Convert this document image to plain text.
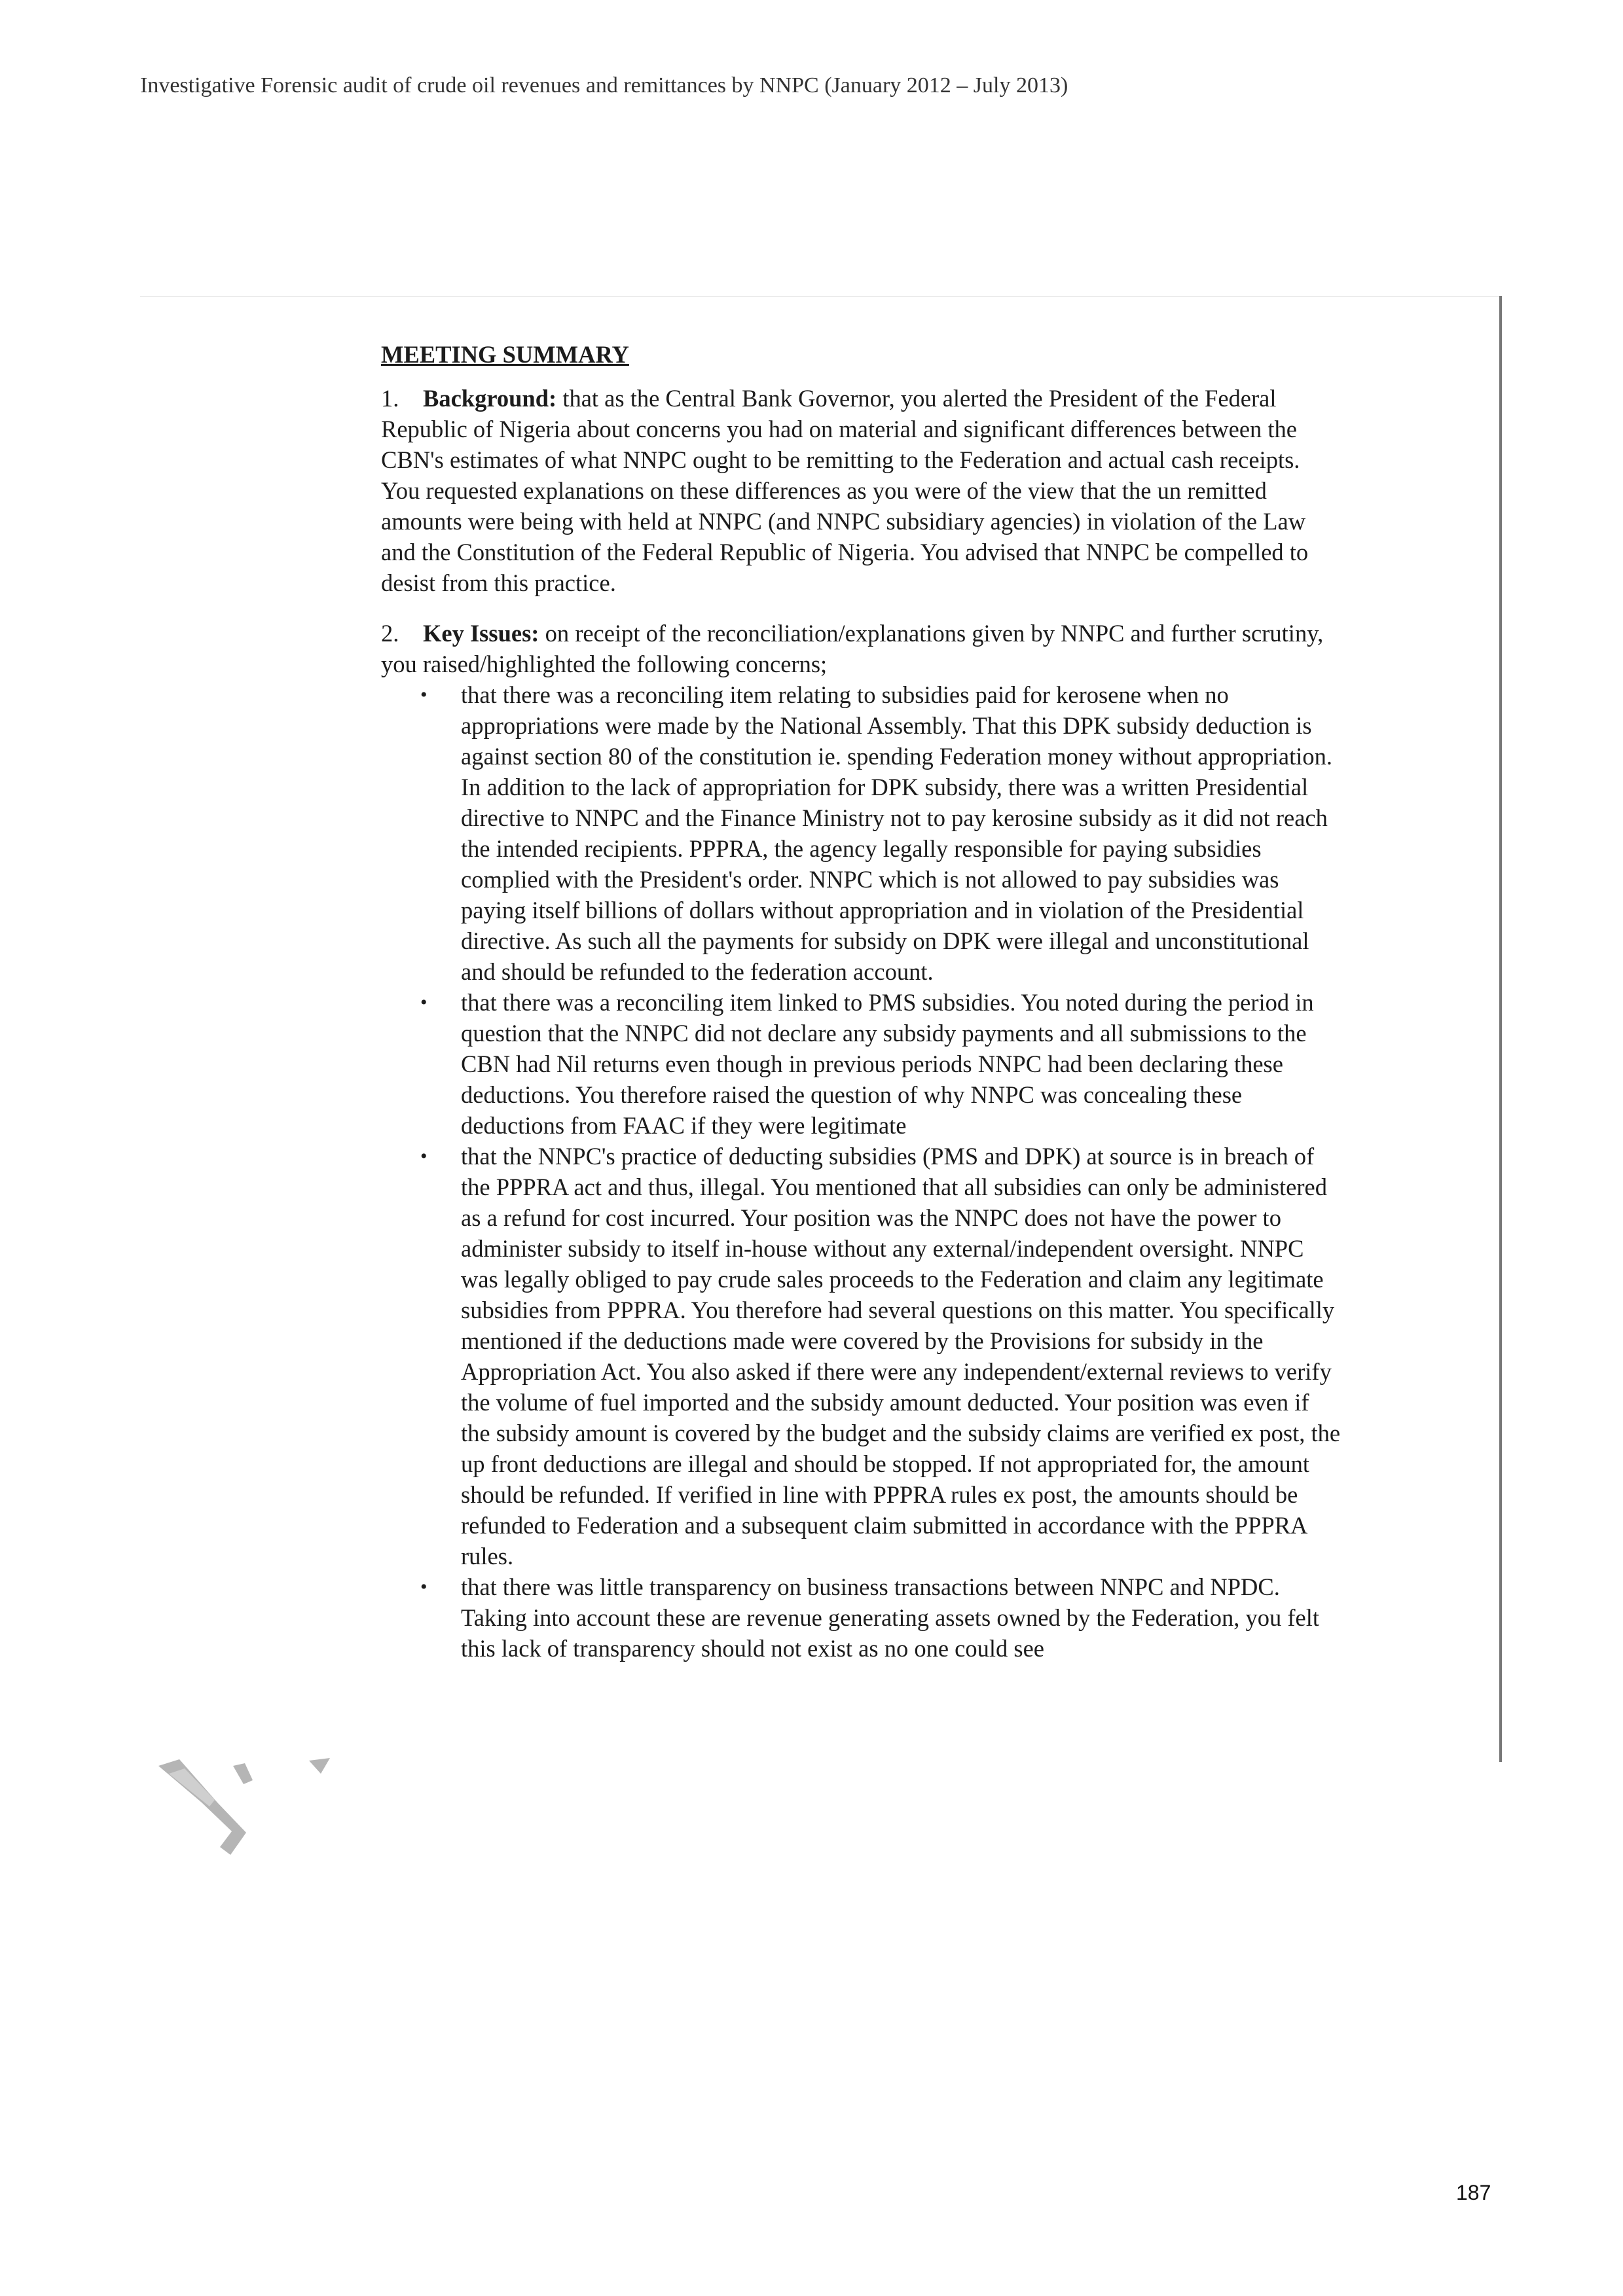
Investigative Forensic audit of crude oil revenues and remittances by NNPC (January 2012 – July 2013)

MEETING SUMMARY

1. Background: that as the Central Bank Governor, you alerted the President of the Federal Republic of Nigeria about concerns you had on material and significant differences between the CBN's estimates of what NNPC ought to be remitting to the Federation and actual cash receipts. You requested explanations on these differences as you were of the view that the un remitted amounts were being with held at NNPC (and NNPC subsidiary agencies) in violation of the Law and the Constitution of the Federal Republic of Nigeria. You advised that NNPC be compelled to desist from this practice.

2. Key Issues: on receipt of the reconciliation/explanations given by NNPC and further scrutiny, you raised/highlighted the following concerns;

• that there was a reconciling item relating to subsidies paid for kerosene when no appropriations were made by the National Assembly. That this DPK subsidy deduction is against section 80 of the constitution ie. spending Federation money without appropriation. In addition to the lack of appropriation for DPK subsidy, there was a written Presidential directive to NNPC and the Finance Ministry not to pay kerosine subsidy as it did not reach the intended recipients. PPPRA, the agency legally responsible for paying subsidies complied with the President's order. NNPC which is not allowed to pay subsidies was paying itself billions of dollars without appropriation and in violation of the Presidential directive. As such all the payments for subsidy on DPK were illegal and unconstitutional and should be refunded to the federation account.
• that there was a reconciling item linked to PMS subsidies. You noted during the period in question that the NNPC did not declare any subsidy payments and all submissions to the CBN had Nil returns even though in previous periods NNPC had been declaring these deductions. You therefore raised the question of why NNPC was concealing these deductions from FAAC if they were legitimate
• that the NNPC's practice of deducting subsidies (PMS and DPK) at source is in breach of the PPPRA act and thus, illegal. You mentioned that all subsidies can only be administered as a refund for cost incurred. Your position was the NNPC does not have the power to administer subsidy to itself in-house without any external/independent oversight. NNPC was legally obliged to pay crude sales proceeds to the Federation and claim any legitimate subsidies from PPPRA. You therefore had several questions on this matter. You specifically mentioned if the deductions made were covered by the Provisions for subsidy in the Appropriation Act. You also asked if there were any independent/external reviews to verify the volume of fuel imported and the subsidy amount deducted. Your position was even if the subsidy amount is covered by the budget and the subsidy claims are verified ex post, the up front deductions are illegal and should be stopped. If not appropriated for, the amount should be refunded. If verified in line with PPPRA rules ex post, the amounts should be refunded to Federation and a subsequent claim submitted in accordance with the PPPRA rules.
• that there was little transparency on business transactions between NNPC and NPDC. Taking into account these are revenue generating assets owned by the Federation, you felt this lack of transparency should not exist as no one could see
187
